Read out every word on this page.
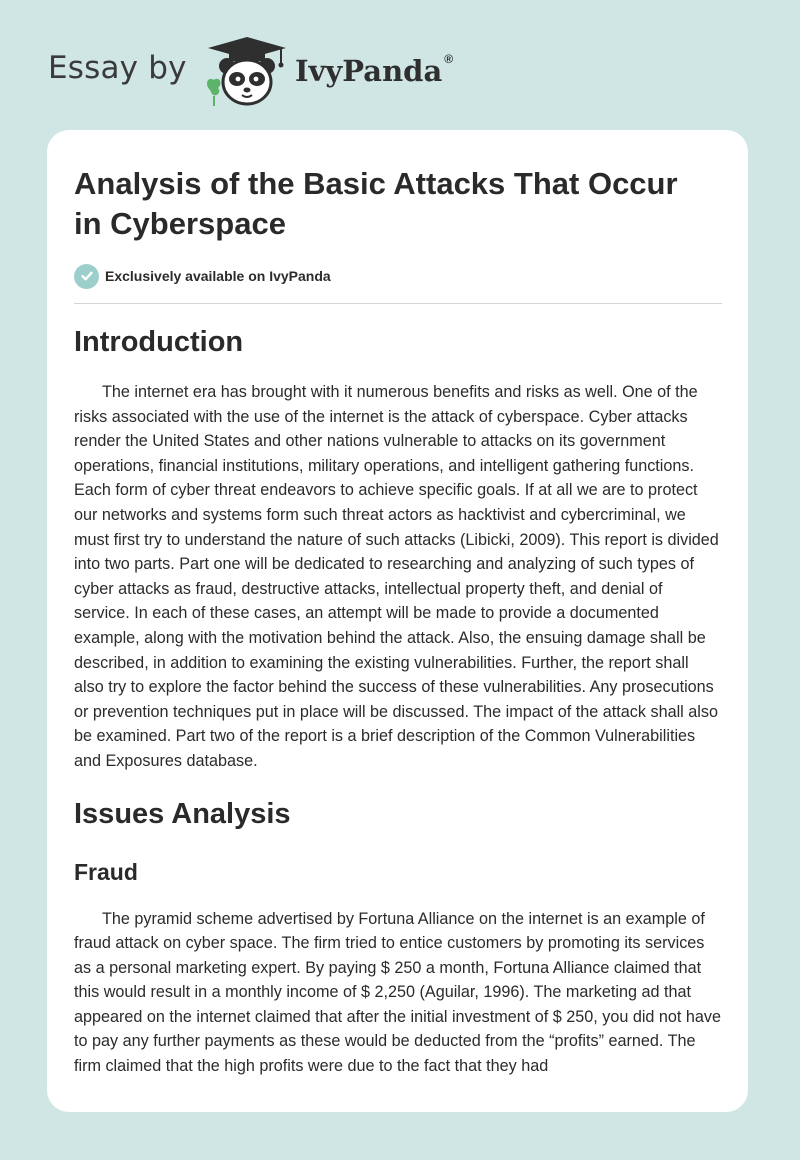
Essay by	IvyPanda ®
Analysis of the Basic Attacks That Occur in Cyberspace
Exclusively available on IvyPanda
Introduction

The internet era has brought with it numerous benefits and risks as well. One of the risks associated with the use of the internet is the attack of cyberspace. Cyber attacks render the United States and other nations vulnerable to attacks on its government operations, financial institutions, military operations, and intelligent gathering functions. Each form of cyber threat endeavors to achieve specific goals. If at all we are to protect our networks and systems form such threat actors as hacktivist and cybercriminal, we must first try to understand the nature of such attacks (Libicki, 2009). This report is divided into two parts. Part one will be dedicated to researching and analyzing of such types of cyber attacks as fraud, destructive attacks, intellectual property theft, and denial of service. In each of these cases, an attempt will be made to provide a documented example, along with the motivation behind the attack. Also, the ensuing damage shall be described, in addition to examining the existing vulnerabilities. Further, the report shall also try to explore the factor behind the success of these vulnerabilities. Any prosecutions or prevention techniques put in place will be discussed. The impact of the attack shall also be examined. Part two of the report is a brief description of the Common Vulnerabilities and Exposures database.

Issues Analysis
Fraud

The pyramid scheme advertised by Fortuna Alliance on the internet is an example of fraud attack on cyber space. The firm tried to entice customers by promoting its services as a personal marketing expert. By paying $ 250 a month, Fortuna Alliance claimed that this would result in a monthly income of $ 2,250 (Aguilar, 1996). The marketing ad that appeared on the internet claimed that after the initial investment of $ 250, you did not have to pay any further payments as these would be deducted from the “profits” earned. The firm claimed that the high profits were due to the fact that they had
